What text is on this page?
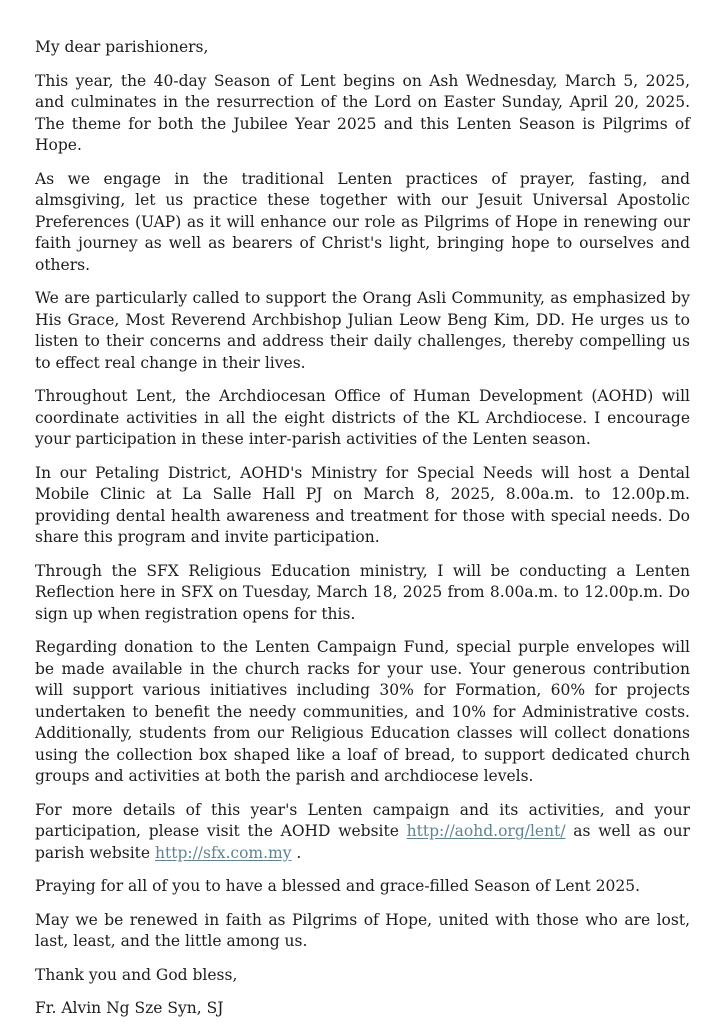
My dear parishioners,

This year, the 40-day Season of Lent begins on Ash Wednesday, March 5, 2025, and culminates in the resurrection of the Lord on Easter Sunday, April 20, 2025. The theme for both the Jubilee Year 2025 and this Lenten Season is Pilgrims of Hope.

As we engage in the traditional Lenten practices of prayer, fasting, and almsgiving, let us practice these together with our Jesuit Universal Apostolic Preferences (UAP) as it will enhance our role as Pilgrims of Hope in renewing our faith journey as well as bearers of Christ's light, bringing hope to ourselves and others.

We are particularly called to support the Orang Asli Community, as emphasized by His Grace, Most Reverend Archbishop Julian Leow Beng Kim, DD. He urges us to listen to their concerns and address their daily challenges, thereby compelling us to effect real change in their lives.

Throughout Lent, the Archdiocesan Office of Human Development (AOHD) will coordinate activities in all the eight districts of the KL Archdiocese. I encourage your participation in these inter-parish activities of the Lenten season.

In our Petaling District, AOHD's Ministry for Special Needs will host a Dental Mobile Clinic at La Salle Hall PJ on March 8, 2025, 8.00a.m. to 12.00p.m. providing dental health awareness and treatment for those with special needs. Do share this program and invite participation.

Through the SFX Religious Education ministry, I will be conducting a Lenten Reflection here in SFX on Tuesday, March 18, 2025 from 8.00a.m. to 12.00p.m. Do sign up when registration opens for this.

Regarding donation to the Lenten Campaign Fund, special purple envelopes will be made available in the church racks for your use. Your generous contribution will support various initiatives including 30% for Formation, 60% for projects undertaken to benefit the needy communities, and 10% for Administrative costs. Additionally, students from our Religious Education classes will collect donations using the collection box shaped like a loaf of bread, to support dedicated church groups and activities at both the parish and archdiocese levels.

For more details of this year's Lenten campaign and its activities, and your participation, please visit the AOHD website http://aohd.org/lent/ as well as our parish website http://sfx.com.my .

Praying for all of you to have a blessed and grace-filled Season of Lent 2025.

May we be renewed in faith as Pilgrims of Hope, united with those who are lost, last, least, and the little among us.

Thank you and God bless,

Fr. Alvin Ng Sze Syn, SJ
